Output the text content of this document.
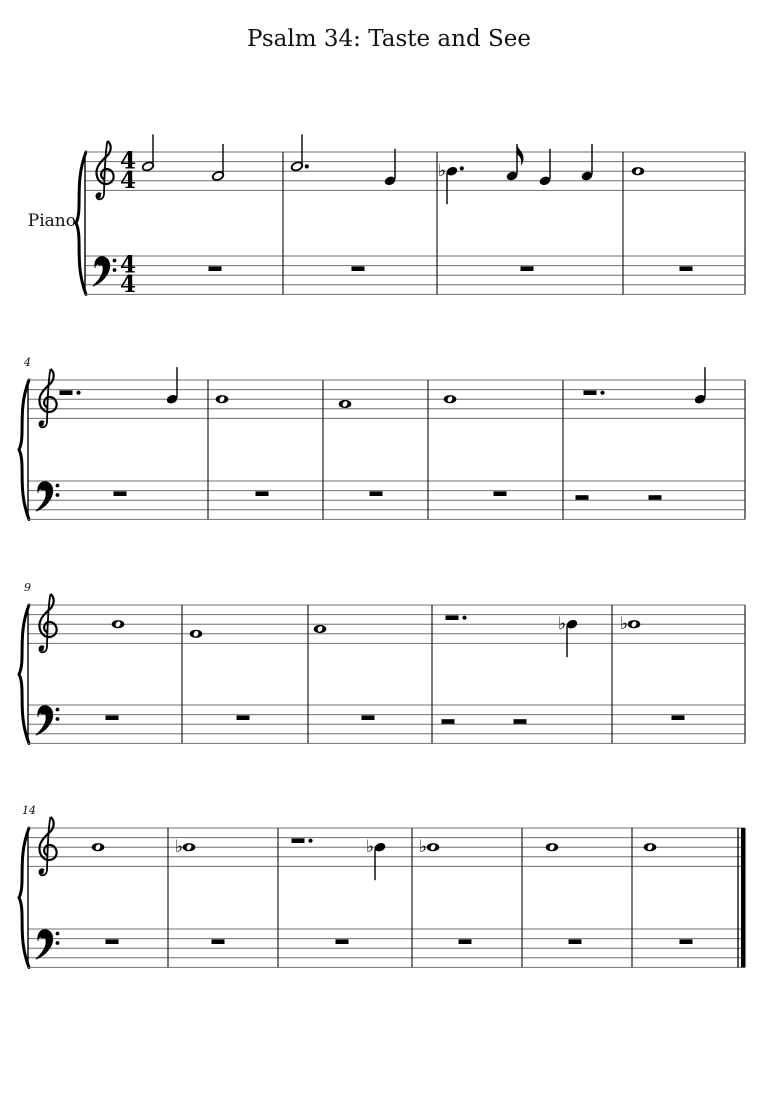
Psalm 34: Taste and See
Piano
4
9
14
4
4
4
4
♭
♭	♭
♭	♭	♭
